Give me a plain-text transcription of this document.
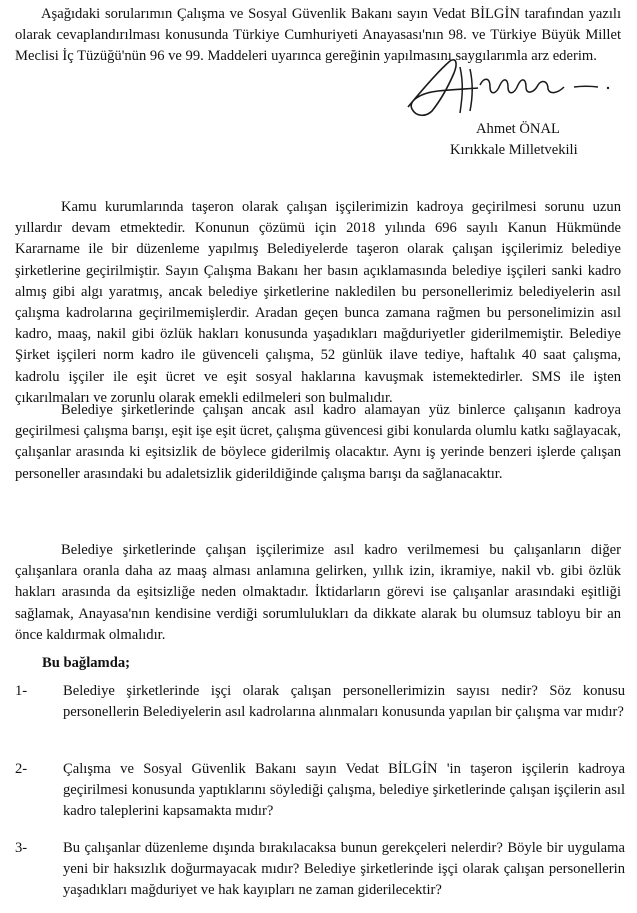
Aşağıdaki sorularımın Çalışma ve Sosyal Güvenlik Bakanı sayın Vedat BİLGİN tarafından yazılı olarak cevaplandırılması konusunda Türkiye Cumhuriyeti Anayasası'nın 98. ve Türkiye Büyük Millet Meclisi İç Tüzüğü'nün 96 ve 99. Maddeleri uyarınca gereğinin yapılmasını saygılarımla arz ederim.

Ahmet ÖNAL

Kırıkkale Milletvekili

Kamu kurumlarında taşeron olarak çalışan işçilerimizin kadroya geçirilmesi sorunu uzun yıllardır devam etmektedir. Konunun çözümü için 2018 yılında 696 sayılı Kanun Hükmünde Kararname ile bir düzenleme yapılmış Belediyelerde taşeron olarak çalışan işçilerimiz belediye şirketlerine geçirilmiştir. Sayın Çalışma Bakanı her basın açıklamasında belediye işçileri sanki kadro almış gibi algı yaratmış, ancak belediye şirketlerine nakledilen bu personellerimiz belediyelerin asıl çalışma kadrolarına geçirilmemişlerdir. Aradan geçen bunca zamana rağmen bu personelimizin asıl kadro, maaş, nakil gibi özlük hakları konusunda yaşadıkları mağduriyetler giderilmemiştir. Belediye Şirket işçileri norm kadro ile güvenceli çalışma, 52 günlük ilave tediye, haftalık 40 saat çalışma, kadrolu işçiler ile eşit ücret ve eşit sosyal haklarına kavuşmak istemektedirler. SMS ile işten çıkarılmaları ve zorunlu olarak emekli edilmeleri son bulmalıdır.

Belediye şirketlerinde çalışan ancak asıl kadro alamayan yüz binlerce çalışanın kadroya geçirilmesi çalışma barışı, eşit işe eşit ücret, çalışma güvencesi gibi konularda olumlu katkı sağlayacak, çalışanlar arasında ki eşitsizlik de böylece giderilmiş olacaktır. Aynı iş yerinde benzeri işlerde çalışan personeller arasındaki bu adaletsizlik giderildiğinde çalışma barışı da sağlanacaktır.

Belediye şirketlerinde çalışan işçilerimize asıl kadro verilmemesi bu çalışanların diğer çalışanlara oranla daha az maaş alması anlamına gelirken, yıllık izin, ikramiye, nakil vb. gibi özlük hakları arasında da eşitsizliğe neden olmaktadır. İktidarların görevi ise çalışanlar arasındaki eşitliği sağlamak, Anayasa'nın kendisine verdiği sorumlulukları da dikkate alarak bu olumsuz tabloyu bir an önce kaldırmak olmalıdır.

Bu bağlamda;

1-	Belediye şirketlerinde işçi olarak çalışan personellerimizin sayısı nedir? Söz konusu personellerin Belediyelerin asıl kadrolarına alınmaları konusunda yapılan bir çalışma var mıdır?

2-	Çalışma ve Sosyal Güvenlik Bakanı sayın Vedat BİLGİN 'in taşeron işçilerin kadroya geçirilmesi konusunda yaptıklarını söylediği çalışma, belediye şirketlerinde çalışan işçilerin asıl kadro taleplerini kapsamakta mıdır?

3-	Bu çalışanlar düzenleme dışında bırakılacaksa bunun gerekçeleri nelerdir? Böyle bir uygulama yeni bir haksızlık doğurmayacak mıdır? Belediye şirketlerinde işçi olarak çalışan personellerin yaşadıkları mağduriyet ve hak kayıpları ne zaman giderilecektir?
